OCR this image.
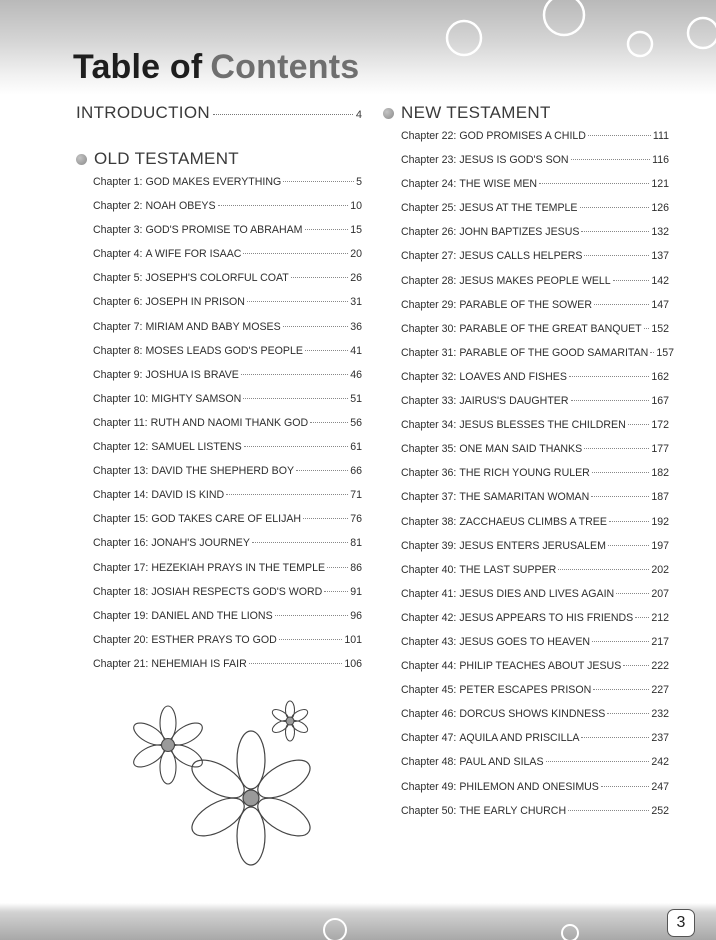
Table of Contents
INTRODUCTION	4
OLD TESTAMENT
NEW TESTAMENT
Chapter 1: GOD MAKES EVERYTHING	5
Chapter 2: NOAH OBEYS	10
Chapter 3: GOD'S PROMISE TO ABRAHAM	15
Chapter 4: A WIFE FOR ISAAC	20
Chapter 5: JOSEPH'S COLORFUL COAT	26
Chapter 6: JOSEPH IN PRISON	31
Chapter 7: MIRIAM AND BABY MOSES	36
Chapter 8: MOSES LEADS GOD'S PEOPLE	41
Chapter 9: JOSHUA IS BRAVE	46
Chapter 10: MIGHTY SAMSON	51
Chapter 11: RUTH AND NAOMI THANK GOD	56
Chapter 12: SAMUEL LISTENS	61
Chapter 13: DAVID THE SHEPHERD BOY	66
Chapter 14: DAVID IS KIND	71
Chapter 15: GOD TAKES CARE OF ELIJAH	76
Chapter 16: JONAH'S JOURNEY	81
Chapter 17: HEZEKIAH PRAYS IN THE TEMPLE 86
Chapter 18: JOSIAH RESPECTS GOD'S WORD	91
Chapter 19: DANIEL AND THE LIONS	96
Chapter 20: ESTHER PRAYS TO GOD	101
Chapter 21: NEHEMIAH IS FAIR	106
Chapter 22: GOD PROMISES A CHILD	111
Chapter 23: JESUS IS GOD'S SON	116
Chapter 24: THE WISE MEN	121
Chapter 25: JESUS AT THE TEMPLE	126
Chapter 26: JOHN BAPTIZES JESUS	132
Chapter 27: JESUS CALLS HELPERS	137
Chapter 28: JESUS MAKES PEOPLE WELL	142
Chapter 29: PARABLE OF THE SOWER	147
Chapter 30: PARABLE OF THE GREAT BANQUET 152
Chapter 31: PARABLE OF THE GOOD SAMARITAN 157
Chapter 32: LOAVES AND FISHES	162
Chapter 33: JAIRUS'S DAUGHTER	167
Chapter 34: JESUS BLESSES THE CHILDREN 172
Chapter 35: ONE MAN SAID THANKS	177
Chapter 36: THE RICH YOUNG RULER	182
Chapter 37: THE SAMARITAN WOMAN	187
Chapter 38: ZACCHAEUS CLIMBS A TREE	192
Chapter 39: JESUS ENTERS JERUSALEM	197
Chapter 40: THE LAST SUPPER	202
Chapter 41: JESUS DIES AND LIVES AGAIN	207
Chapter 42: JESUS APPEARS TO HIS FRIENDS 212
Chapter 43: JESUS GOES TO HEAVEN	217
Chapter 44: PHILIP TEACHES ABOUT JESUS	222
Chapter 45: PETER ESCAPES PRISON	227
Chapter 46: DORCUS SHOWS KINDNESS	232
Chapter 47: AQUILA AND PRISCILLA	237
Chapter 48: PAUL AND SILAS	242
Chapter 49: PHILEMON AND ONESIMUS	247
Chapter 50: THE EARLY CHURCH	252
3
